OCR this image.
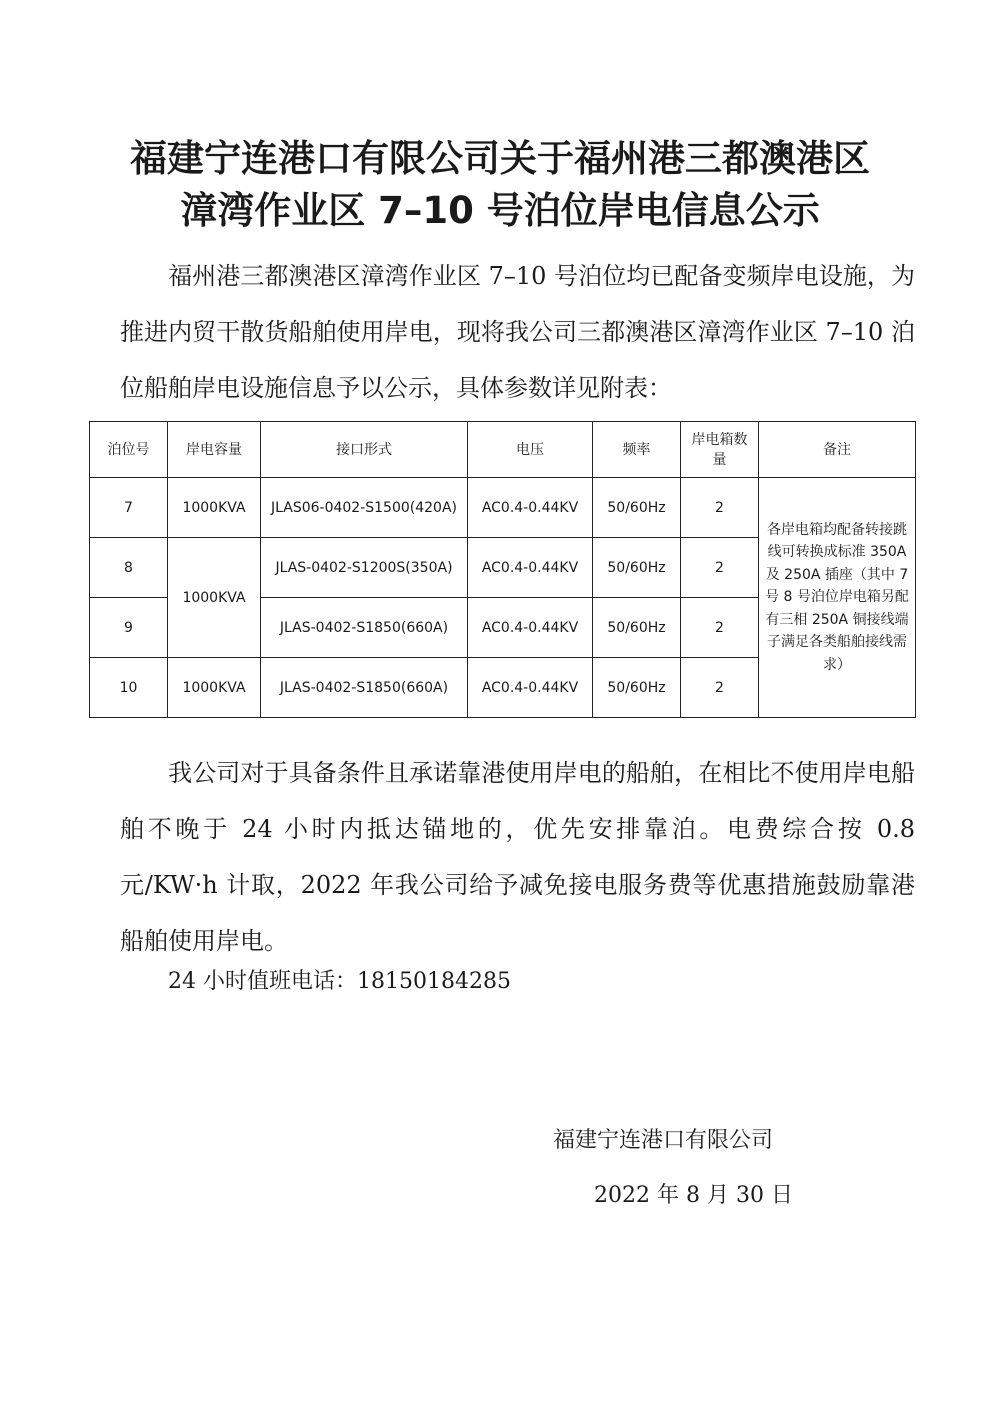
福建宁连港口有限公司关于福州港三都澳港区
漳湾作业区 7–10 号泊位岸电信息公示

福州港三都澳港区漳湾作业区 7–10 号泊位均已配备变频岸电设施，为推进内贸干散货船舶使用岸电，现将我公司三都澳港区漳湾作业区 7–10 泊位船舶岸电设施信息予以公示，具体参数详见附表：

泊位号	岸电容量	接口形式	电压	频率	岸电箱数量	备注
7	1000KVA	JLAS06-0402-S1500(420A)	AC0.4-0.44KV	50/60Hz	2	各岸电箱均配备转接跳线可转换成标准 350A 及 250A 插座（其中 7 号 8 号泊位岸电箱另配有三相 250A 铜接线端子满足各类船舶接线需求）
8	1000KVA	JLAS-0402-S1200S(350A)	AC0.4-0.44KV	50/60Hz	2	
9		JLAS-0402-S1850(660A)	AC0.4-0.44KV	50/60Hz	2	
10	1000KVA	JLAS-0402-S1850(660A)	AC0.4-0.44KV	50/60Hz	2	

我公司对于具备条件且承诺靠港使用岸电的船舶，在相比不使用岸电船舶不晚于 24 小时内抵达锚地的，优先安排靠泊。电费综合按 0.8 元/KW·h 计取，2022 年我公司给予减免接电服务费等优惠措施鼓励靠港船舶使用岸电。

24 小时值班电话：18150184285
福建宁连港口有限公司
2022 年 8 月 30 日
